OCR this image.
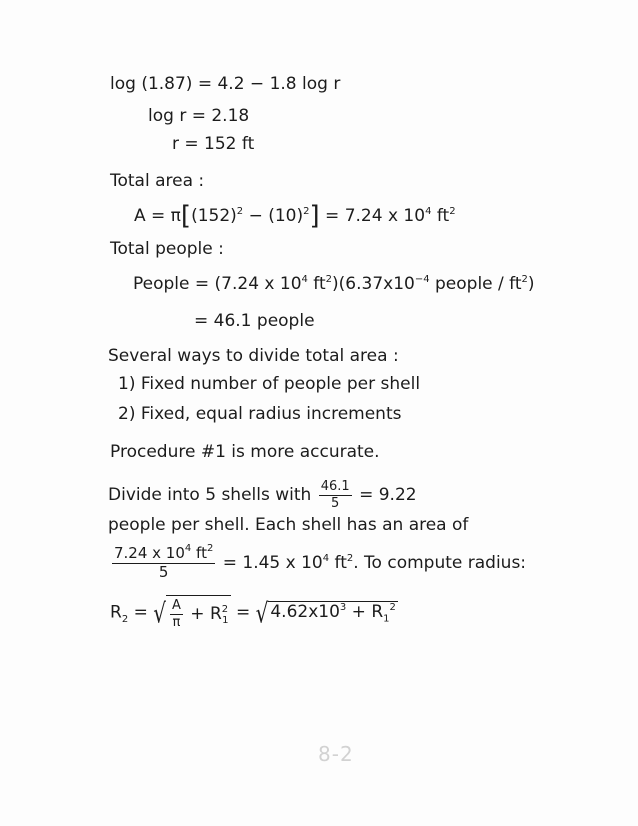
log (1.87) = 4.2 − 1.8 log r
log r = 2.18
r = 152 ft
Total area :
$A = \pi[(152)^2 - (10)^2] = 7.24$ x $10^4$ $ft^2$
Total people :
People = (7.24 x $10^4$ $ft^2)(6.37x10^{-4}$ people / $ft^2$)
= 46.1 people
Several ways to divide total area :
1) Fixed number of people per shell
2) Fixed, equal radius increments
Procedure #1 is more accurate.
Divide into 5 shells with $\frac{46.1}{5} = 9.22$
people per shell. Each shell has an area of
$\frac{7.24 x 10^4 ft^2}{5} = 1.45$ x $10^4$ $ft^2$. To compute radius:
$R_2$ = √ $\frac{A}{\pi} + R^2_1$ = √ $4.62x10^3 + R_1^2$
8-2
